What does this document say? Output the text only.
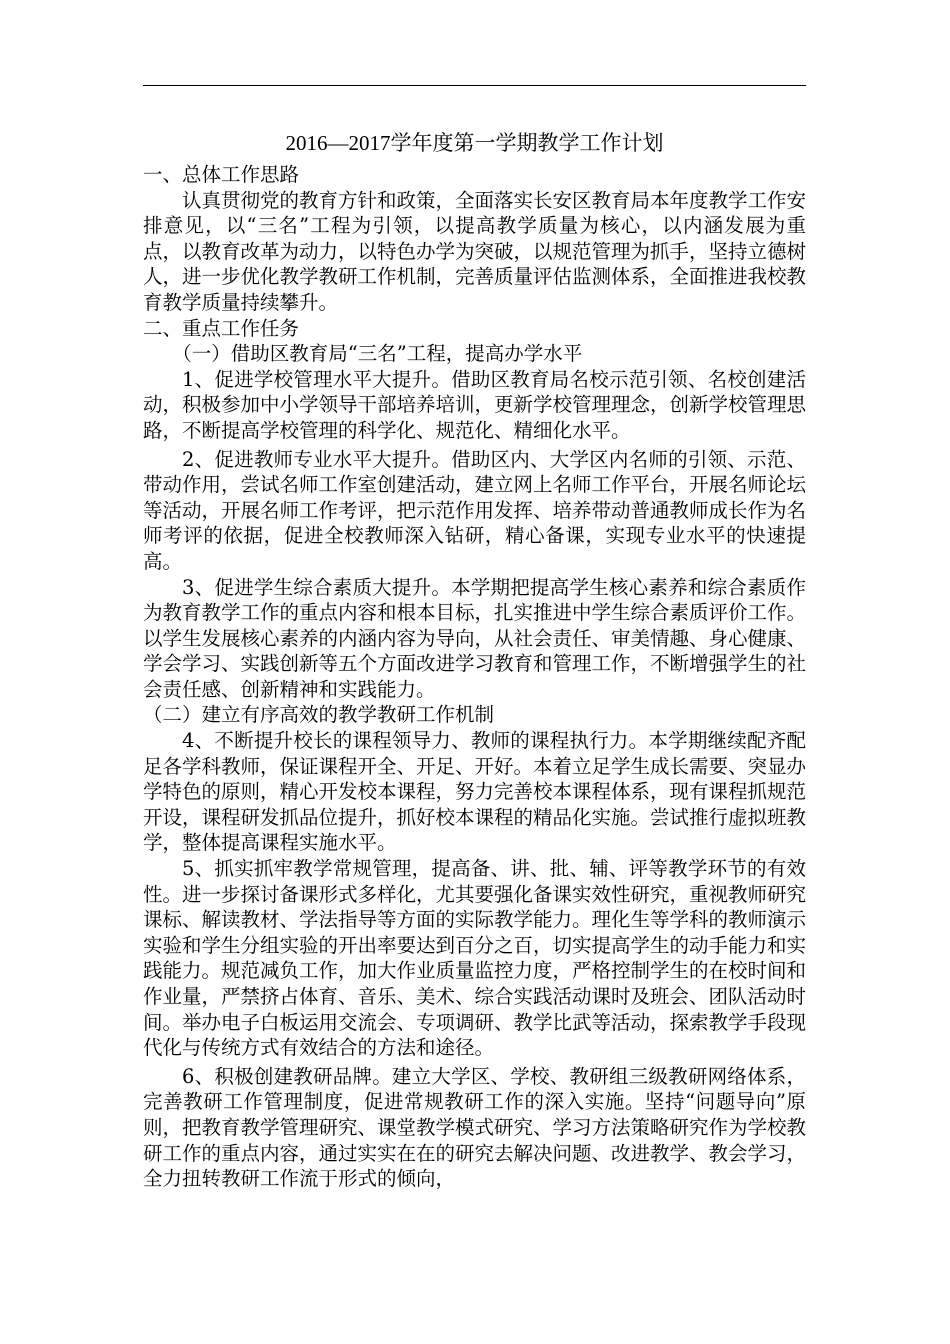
2016—2017学年度第一学期教学工作计划

一、总体工作思路

认真贯彻党的教育方针和政策，全面落实长安区教育局本年度教学工作安排意见，以“三名”工程为引领，以提高教学质量为核心，以内涵发展为重点，以教育改革为动力，以特色办学为突破，以规范管理为抓手，坚持立德树人，进一步优化教学教研工作机制，完善质量评估监测体系，全面推进我校教育教学质量持续攀升。

二、重点工作任务

（一）借助区教育局“三名”工程，提高办学水平

1、促进学校管理水平大提升。借助区教育局名校示范引领、名校创建活动，积极参加中小学领导干部培养培训，更新学校管理理念，创新学校管理思路，不断提高学校管理的科学化、规范化、精细化水平。

2、促进教师专业水平大提升。借助区内、大学区内名师的引领、示范、带动作用，尝试名师工作室创建活动，建立网上名师工作平台，开展名师论坛等活动，开展名师工作考评，把示范作用发挥、培养带动普通教师成长作为名师考评的依据，促进全校教师深入钻研，精心备课，实现专业水平的快速提高。

3、促进学生综合素质大提升。本学期把提高学生核心素养和综合素质作为教育教学工作的重点内容和根本目标，扎实推进中学生综合素质评价工作。以学生发展核心素养的内涵内容为导向，从社会责任、审美情趣、身心健康、学会学习、实践创新等五个方面改进学习教育和管理工作，不断增强学生的社会责任感、创新精神和实践能力。

（二）建立有序高效的教学教研工作机制

4、不断提升校长的课程领导力、教师的课程执行力。本学期继续配齐配足各学科教师，保证课程开全、开足、开好。本着立足学生成长需要、突显办学特色的原则，精心开发校本课程，努力完善校本课程体系，现有课程抓规范开设，课程研发抓品位提升，抓好校本课程的精品化实施。尝试推行虚拟班教学，整体提高课程实施水平。

5、抓实抓牢教学常规管理，提高备、讲、批、辅、评等教学环节的有效性。进一步探讨备课形式多样化，尤其要强化备课实效性研究，重视教师研究课标、解读教材、学法指导等方面的实际教学能力。理化生等学科的教师演示实验和学生分组实验的开出率要达到百分之百，切实提高学生的动手能力和实践能力。规范减负工作，加大作业质量监控力度，严格控制学生的在校时间和作业量，严禁挤占体育、音乐、美术、综合实践活动课时及班会、团队活动时间。举办电子白板运用交流会、专项调研、教学比武等活动，探索教学手段现代化与传统方式有效结合的方法和途径。

6、积极创建教研品牌。建立大学区、学校、教研组三级教研网络体系，完善教研工作管理制度，促进常规教研工作的深入实施。坚持“问题导向”原则，把教育教学管理研究、课堂教学模式研究、学习方法策略研究作为学校教研工作的重点内容，通过实实在在的研究去解决问题、改进教学、教会学习，全力扭转教研工作流于形式的倾向，
